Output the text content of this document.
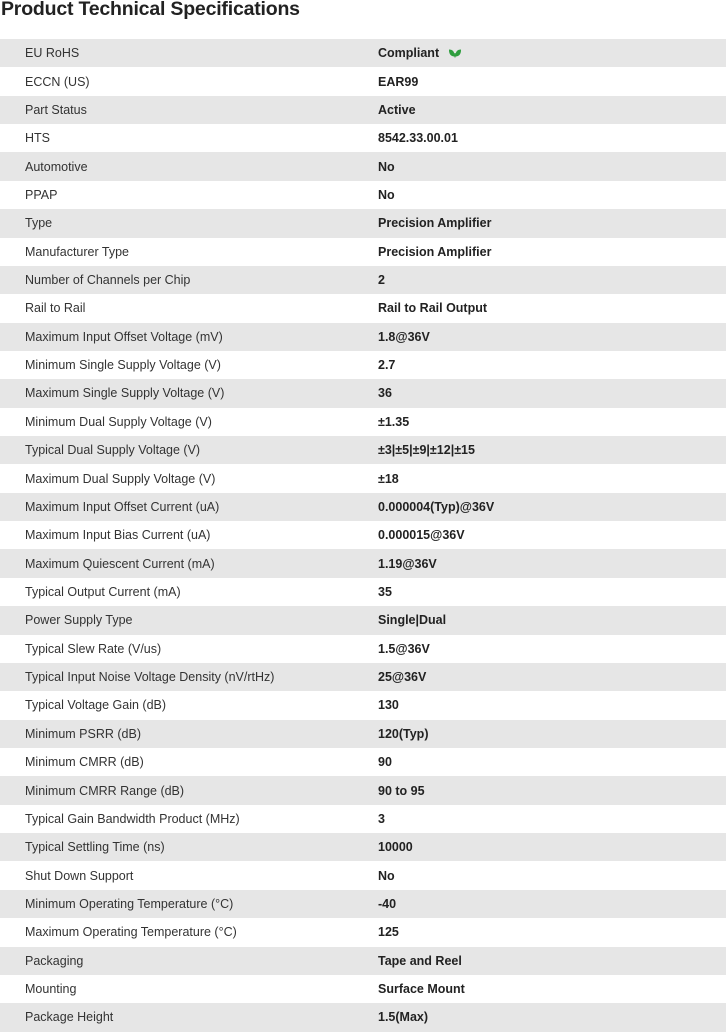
Product Technical Specifications
EU RoHS	Compliant
ECCN (US)	EAR99
Part Status	Active
HTS	8542.33.00.01
Automotive	No
PPAP	No
Type	Precision Amplifier
Manufacturer Type	Precision Amplifier
Number of Channels per Chip	2
Rail to Rail	Rail to Rail Output
Maximum Input Offset Voltage (mV)	1.8@36V
Minimum Single Supply Voltage (V)	2.7
Maximum Single Supply Voltage (V)	36
Minimum Dual Supply Voltage (V)	±1.35
Typical Dual Supply Voltage (V)	±3|±5|±9|±12|±15
Maximum Dual Supply Voltage (V)	±18
Maximum Input Offset Current (uA)	0.000004(Typ)@36V
Maximum Input Bias Current (uA)	0.000015@36V
Maximum Quiescent Current (mA)	1.19@36V
Typical Output Current (mA)	35
Power Supply Type	Single|Dual
Typical Slew Rate (V/us)	1.5@36V
Typical Input Noise Voltage Density (nV/rtHz)	25@36V
Typical Voltage Gain (dB)	130
Minimum PSRR (dB)	120(Typ)
Minimum CMRR (dB)	90
Minimum CMRR Range (dB)	90 to 95
Typical Gain Bandwidth Product (MHz)	3
Typical Settling Time (ns)	10000
Shut Down Support	No
Minimum Operating Temperature (°C)	-40
Maximum Operating Temperature (°C)	125
Packaging	Tape and Reel
Mounting	Surface Mount
Package Height	1.5(Max)
